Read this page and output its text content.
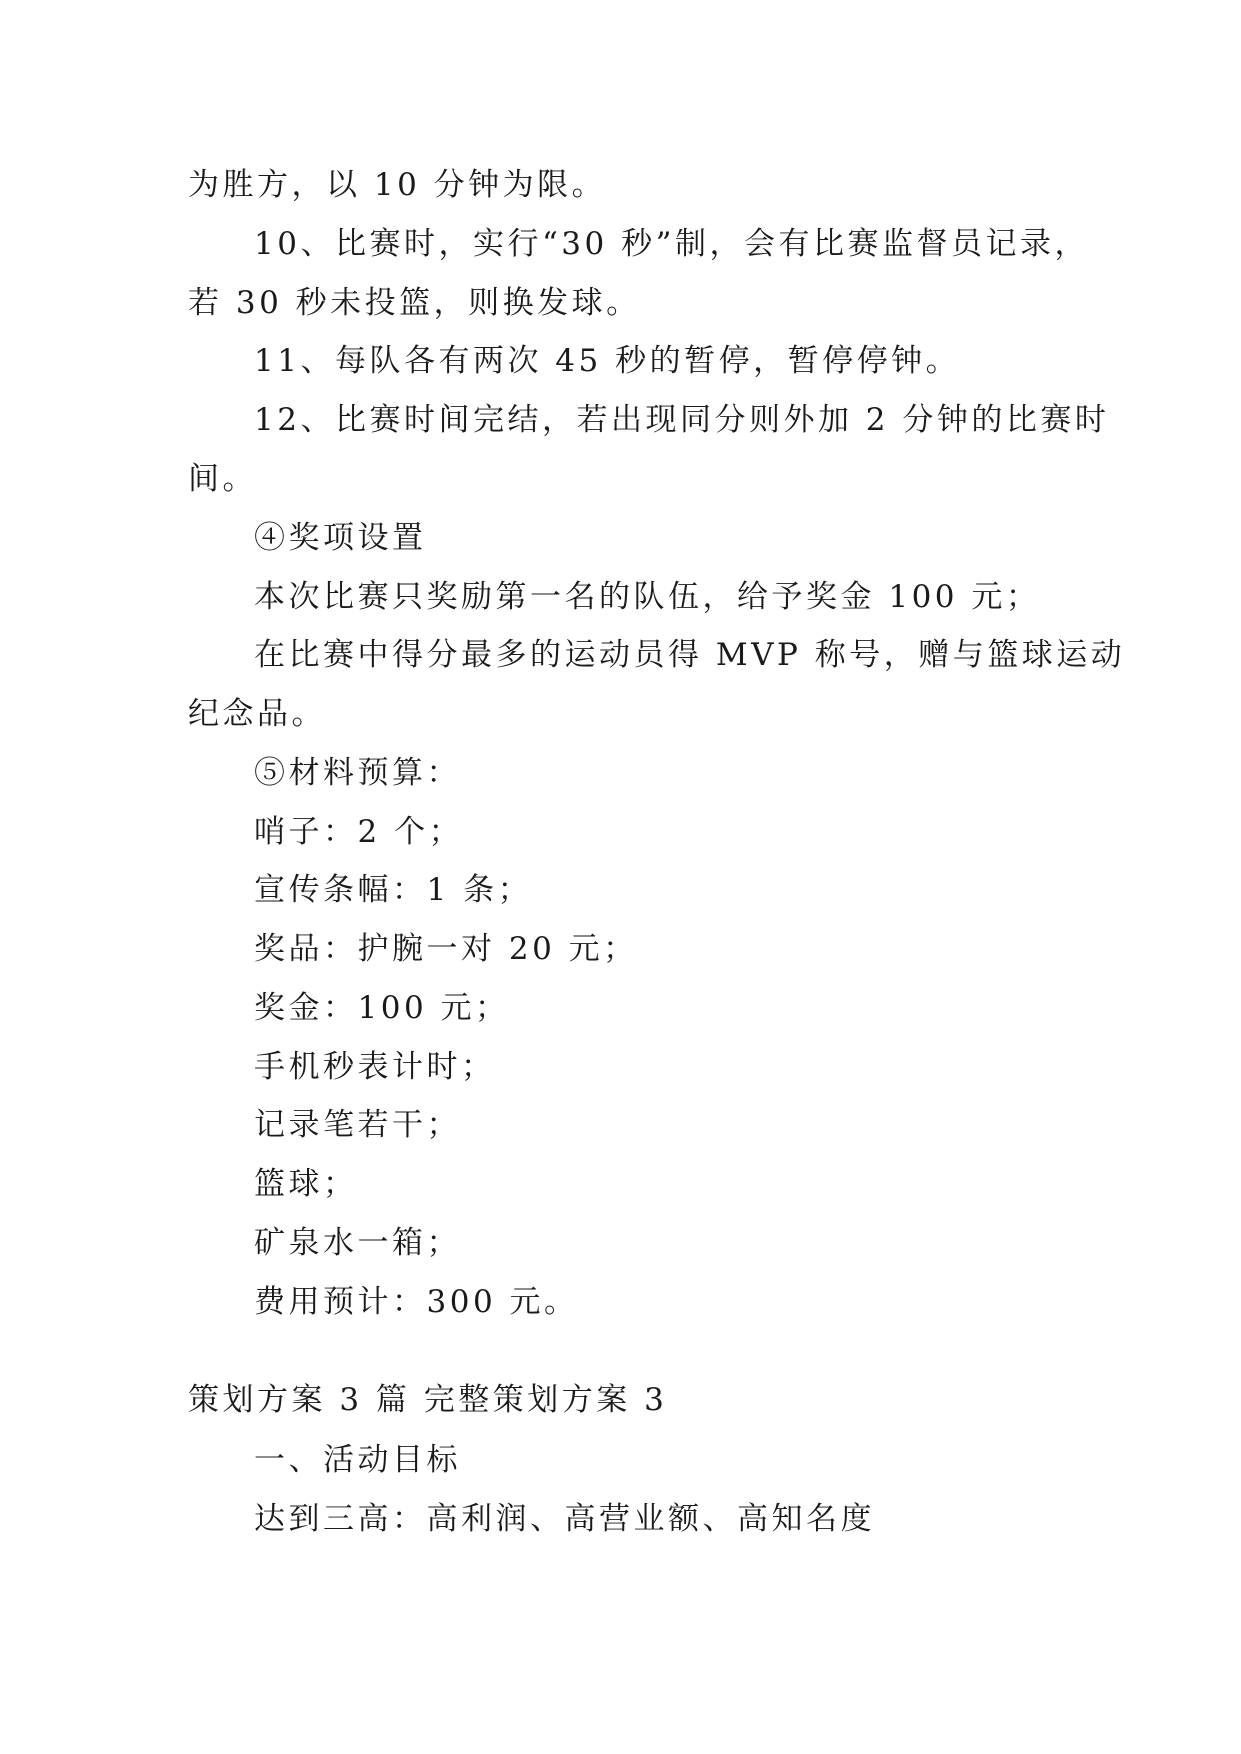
为胜方，以 10 分钟为限。
10、比赛时，实行“30 秒”制，会有比赛监督员记录，
若 30 秒未投篮，则换发球。
11、每队各有两次 45 秒的暂停，暂停停钟。
12、比赛时间完结，若出现同分则外加 2 分钟的比赛时
间。
④奖项设置
本次比赛只奖励第一名的队伍，给予奖金 100 元；
在比赛中得分最多的运动员得 MVP 称号，赠与篮球运动
纪念品。
⑤材料预算：
哨子：2 个；
宣传条幅：1 条；
奖品：护腕一对 20 元；
奖金：100 元；
手机秒表计时；
记录笔若干；
篮球；
矿泉水一箱；
费用预计：300 元。
策划方案 3 篇 完整策划方案 3
一、活动目标
达到三高：高利润、高营业额、高知名度
